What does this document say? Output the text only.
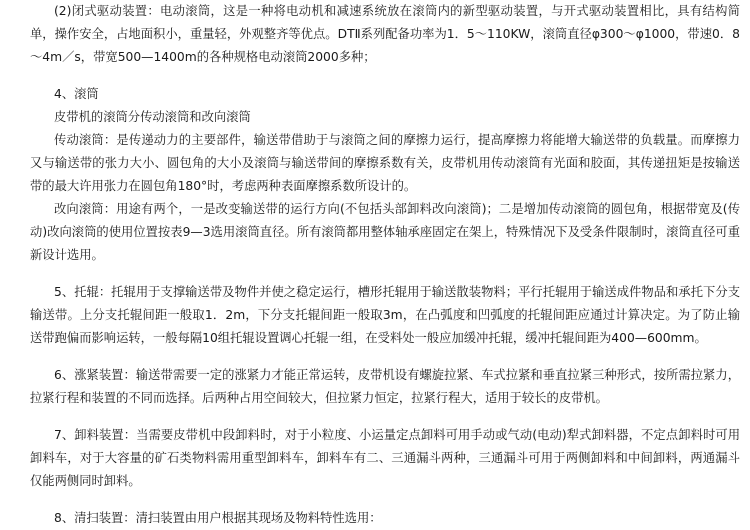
(2)闭式驱动装置：电动滚筒，这是一种将电动机和减速系统放在滚筒内的新型驱动装置，与开式驱动装置相比，具有结构简单，操作安全，占地面积小，重量轻，外观整齐等优点。DTⅡ系列配备功率为1．5～110KW，滚筒直径φ300～φ1000，带速0．8～4m／s，带宽500—1400m的各种规格电动滚筒2000多种；

4、滚筒

皮带机的滚筒分传动滚筒和改向滚筒

传动滚筒：是传递动力的主要部件，输送带借助于与滚筒之间的摩擦力运行，提高摩擦力将能增大输送带的负载量。而摩擦力又与输送带的张力大小、圆包角的大小及滚筒与输送带间的摩擦系数有关，皮带机用传动滚筒有光面和胶面，其传递扭矩是按输送带的最大许用张力在圆包角180°时，考虑两种表面摩擦系数所设计的。

改向滚筒：用途有两个，一是改变输送带的运行方向(不包括头部卸料改向滚筒)；二是增加传动滚筒的圆包角，根据带宽及(传动)改向滚筒的使用位置按表9—3选用滚筒直径。所有滚筒都用整体轴承座固定在架上，特殊情况下及受条件限制时，滚筒直径可重新设计选用。

5、托辊：托辊用于支撑输送带及物件并使之稳定运行，槽形托辊用于输送散装物料；平行托辊用于输送成件物品和承托下分支输送带。上分支托辊间距一般取1．2m，下分支托辊间距一般取3m，在凸弧度和凹弧度的托辊间距应通过计算决定。为了防止输送带跑偏而影响运转，一般每隔10组托辊设置调心托辊一组，在受料处一般应加缓冲托辊，缓冲托辊间距为400—600mm。

6、涨紧装置：输送带需要一定的涨紧力才能正常运转，皮带机设有螺旋拉紧、车式拉紧和垂直拉紧三种形式，按所需拉紧力，拉紧行程和装置的不同而选择。后两种占用空间较大，但拉紧力恒定，拉紧行程大，适用于较长的皮带机。

7、卸料装置：当需要皮带机中段卸料时，对于小粒度、小运量定点卸料可用手动或气动(电动)犁式卸料器，不定点卸料时可用卸料车，对于大容量的矿石类物料需用重型卸料车，卸料车有二、三通漏斗两种，三通漏斗可用于两侧卸料和中间卸料，两通漏斗仅能两侧同时卸料。

8、清扫装置：清扫装置由用户根据其现场及物料特性选用：
